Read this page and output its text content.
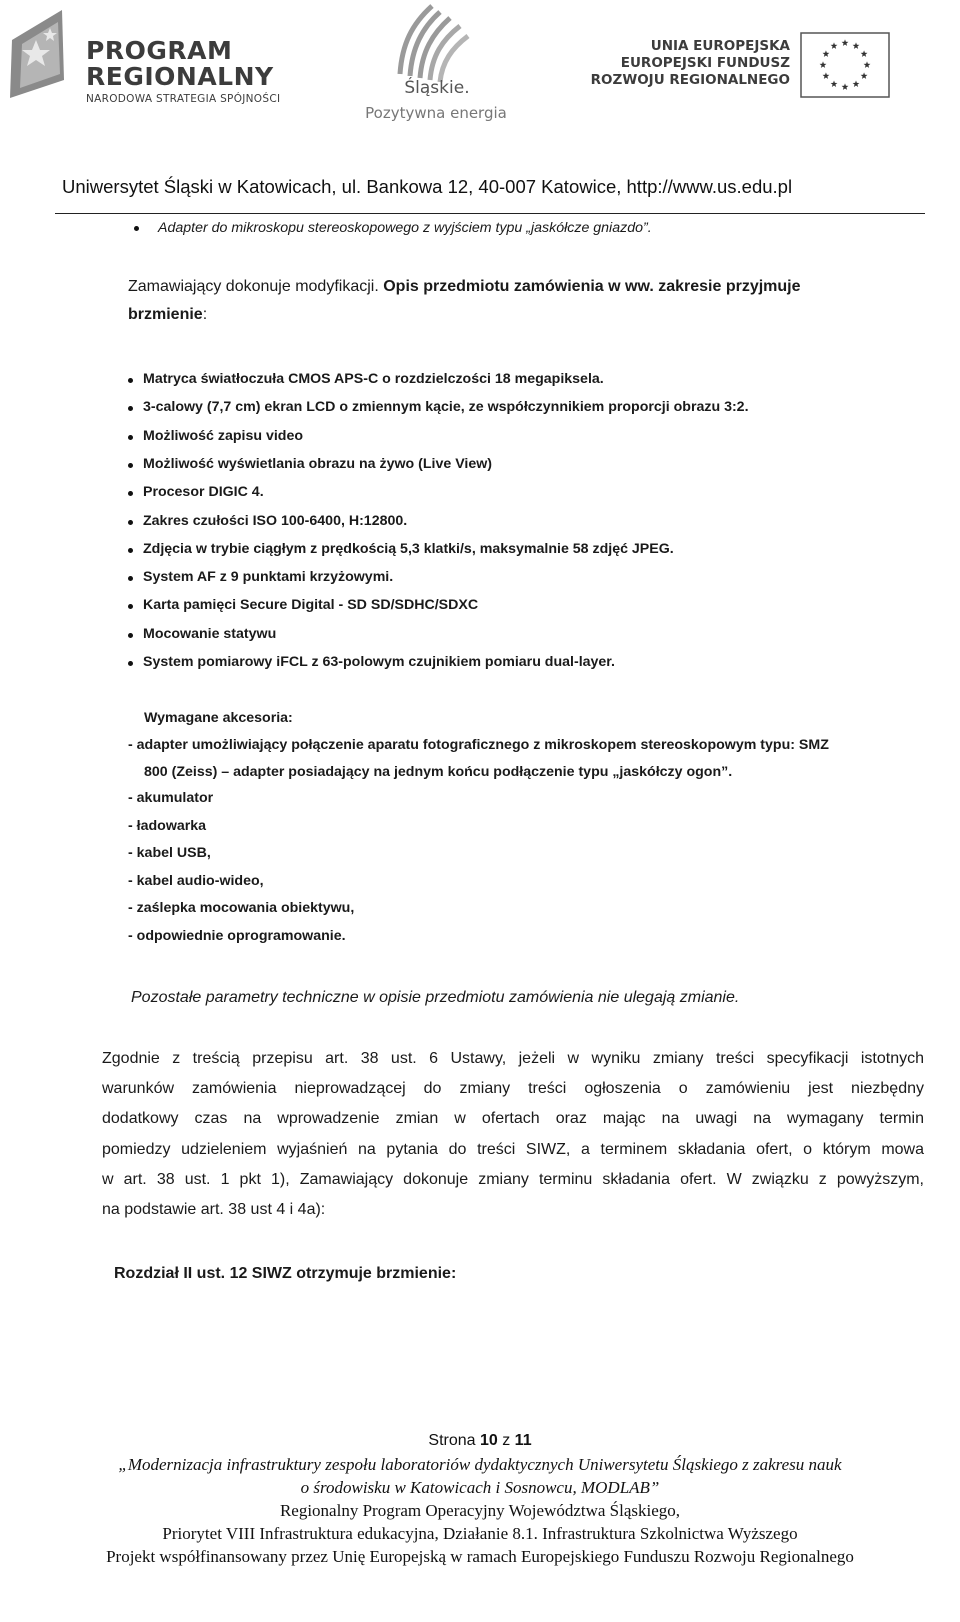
PROGRAM
REGIONALNY
NARODOWA STRATEGIA SPÓJNOŚCI
Śląskie.
Pozytywna energia
UNIA EUROPEJSKA
EUROPEJSKI FUNDUSZ
ROZWOJU REGIONALNEGO
Uniwersytet Śląski w Katowicach, ul. Bankowa 12, 40-007 Katowice, http://www.us.edu.pl
Adapter do mikroskopu stereoskopowego z wyjściem typu „jaskółcze gniazdo”.
Zamawiający dokonuje modyfikacji. Opis przedmiotu zamówienia w ww. zakresie przyjmuje
brzmienie:
Matryca światłoczuła CMOS APS-C o rozdzielczości 18 megapiksela.
3-calowy (7,7 cm) ekran LCD o zmiennym kącie, ze współczynnikiem proporcji obrazu 3:2.
Możliwość zapisu video
Możliwość wyświetlania obrazu na żywo (Live View)
Procesor DIGIC 4.
Zakres czułości ISO 100-6400, H:12800.
Zdjęcia w trybie ciągłym z prędkością 5,3 klatki/s, maksymalnie 58 zdjęć JPEG.
System AF z 9 punktami krzyżowymi.
Karta pamięci Secure Digital - SD SD/SDHC/SDXC
Mocowanie statywu
System pomiarowy iFCL z 63-polowym czujnikiem pomiaru dual-layer.
Wymagane akcesoria:
- adapter umożliwiający połączenie aparatu fotograficznego z mikroskopem stereoskopowym typu: SMZ
800 (Zeiss) – adapter posiadający na jednym końcu podłączenie typu „jaskółczy ogon”.
- akumulator
- ładowarka
- kabel USB,
- kabel audio-wideo,
- zaślepka mocowania obiektywu,
- odpowiednie oprogramowanie.
Pozostałe parametry techniczne w opisie przedmiotu zamówienia nie ulegają zmianie.
Zgodnie z treścią przepisu art. 38 ust. 6 Ustawy, jeżeli w wyniku zmiany treści specyfikacji istotnych
warunków zamówienia nieprowadzącej do zmiany treści ogłoszenia o zamówieniu jest niezbędny
dodatkowy czas na wprowadzenie zmian w ofertach oraz mając na uwagi na wymagany termin
pomiedzy udzieleniem wyjaśnień na pytania do treści SIWZ, a terminem składania ofert, o którym mowa
w art. 38 ust. 1 pkt 1), Zamawiający dokonuje zmiany terminu składania ofert. W związku z powyższym,
na podstawie art. 38 ust 4 i 4a):
Rozdział II ust. 12 SIWZ otrzymuje brzmienie:
Strona 10 z 11
„Modernizacja infrastruktury zespołu laboratoriów dydaktycznych Uniwersytetu Śląskiego z zakresu nauk
o środowisku w Katowicach i Sosnowcu, MODLAB”
Regionalny Program Operacyjny Województwa Śląskiego,
Priorytet VIII Infrastruktura edukacyjna, Działanie 8.1. Infrastruktura Szkolnictwa Wyższego
Projekt współfinansowany przez Unię Europejską w ramach Europejskiego Funduszu Rozwoju Regionalnego
